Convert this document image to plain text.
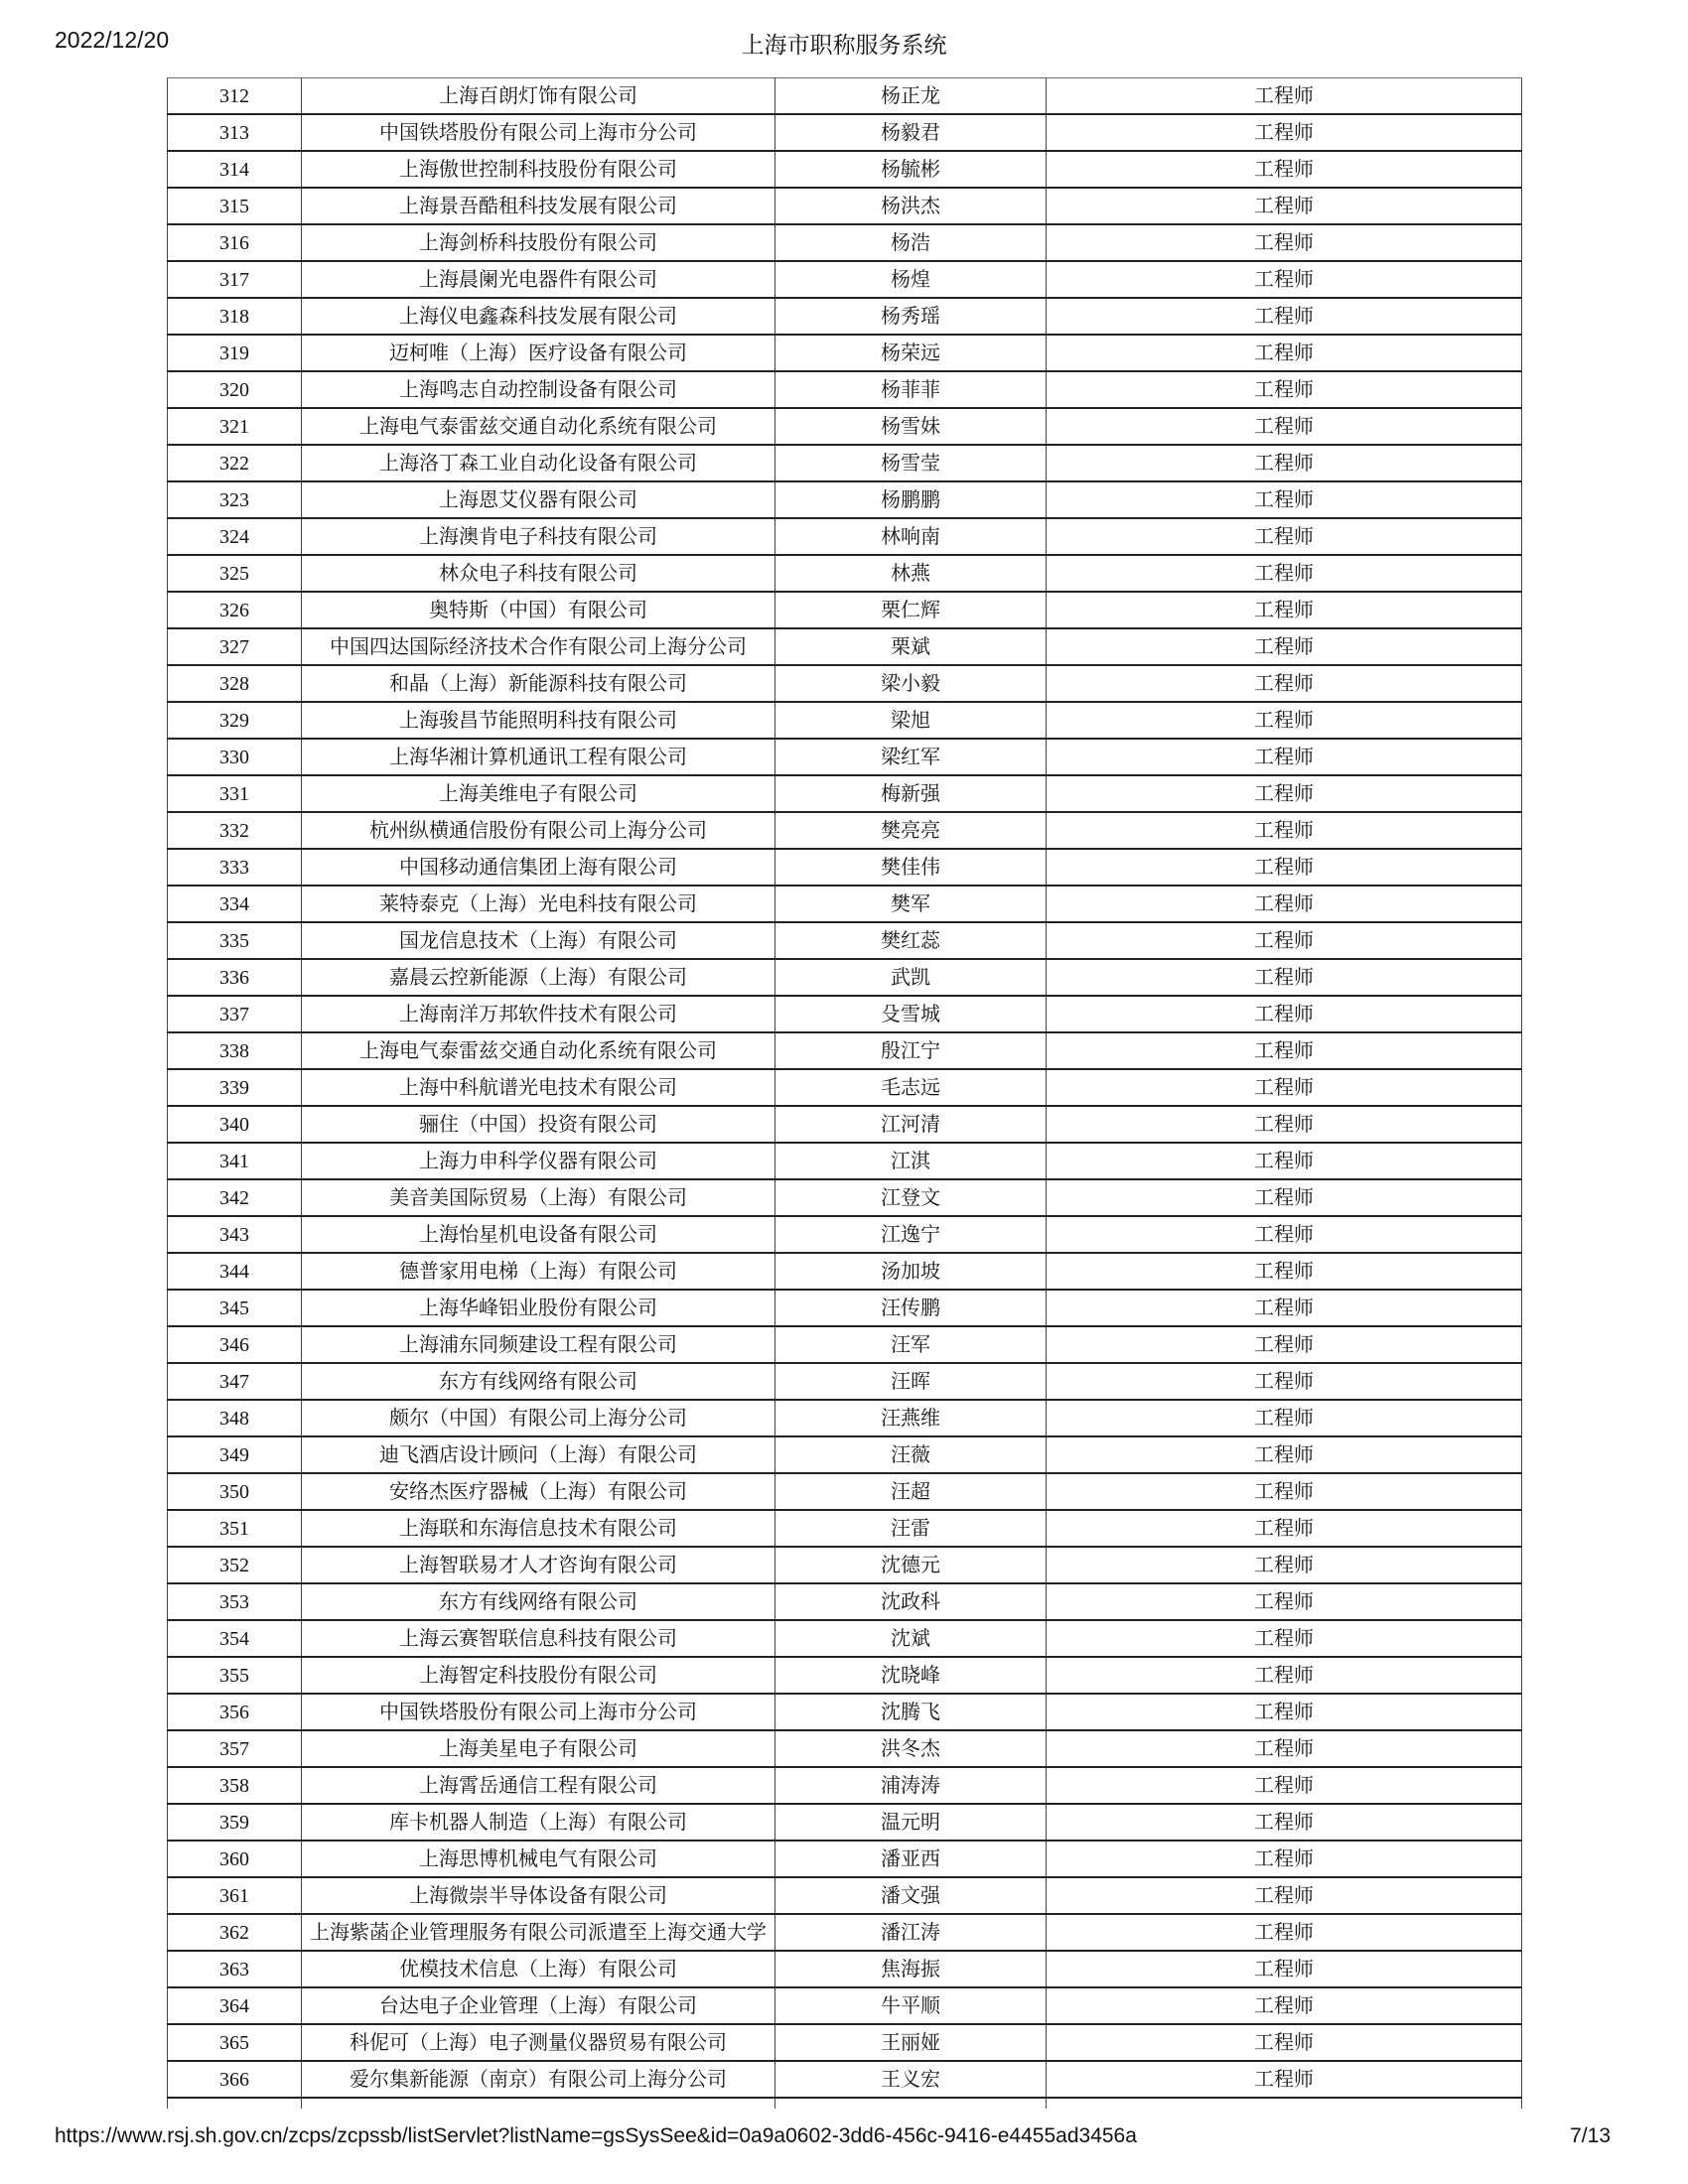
2022/12/20	上海市职称服务系统
312	上海百朗灯饰有限公司	杨正龙	工程师
313	中国铁塔股份有限公司上海市分公司	杨毅君	工程师
314	上海傲世控制科技股份有限公司	杨毓彬	工程师
315	上海景吾酷租科技发展有限公司	杨洪杰	工程师
316	上海剑桥科技股份有限公司	杨浩	工程师
317	上海晨阑光电器件有限公司	杨煌	工程师
318	上海仪电鑫森科技发展有限公司	杨秀瑶	工程师
319	迈柯唯（上海）医疗设备有限公司	杨荣远	工程师
320	上海鸣志自动控制设备有限公司	杨菲菲	工程师
321	上海电气泰雷兹交通自动化系统有限公司	杨雪妹	工程师
322	上海洛丁森工业自动化设备有限公司	杨雪莹	工程师
323	上海恩艾仪器有限公司	杨鹏鹏	工程师
324	上海澳肯电子科技有限公司	林响南	工程师
325	林众电子科技有限公司	林燕	工程师
326	奥特斯（中国）有限公司	栗仁辉	工程师
327	中国四达国际经济技术合作有限公司上海分公司	栗斌	工程师
328	和晶（上海）新能源科技有限公司	梁小毅	工程师
329	上海骏昌节能照明科技有限公司	梁旭	工程师
330	上海华湘计算机通讯工程有限公司	梁红军	工程师
331	上海美维电子有限公司	梅新强	工程师
332	杭州纵横通信股份有限公司上海分公司	樊亮亮	工程师
333	中国移动通信集团上海有限公司	樊佳伟	工程师
334	莱特泰克（上海）光电科技有限公司	樊军	工程师
335	国龙信息技术（上海）有限公司	樊红蕊	工程师
336	嘉晨云控新能源（上海）有限公司	武凯	工程师
337	上海南洋万邦软件技术有限公司	殳雪城	工程师
338	上海电气泰雷兹交通自动化系统有限公司	殷江宁	工程师
339	上海中科航谱光电技术有限公司	毛志远	工程师
340	骊住（中国）投资有限公司	江河清	工程师
341	上海力申科学仪器有限公司	江淇	工程师
342	美音美国际贸易（上海）有限公司	江登文	工程师
343	上海怡星机电设备有限公司	江逸宁	工程师
344	德普家用电梯（上海）有限公司	汤加坡	工程师
345	上海华峰铝业股份有限公司	汪传鹏	工程师
346	上海浦东同频建设工程有限公司	汪军	工程师
347	东方有线网络有限公司	汪晖	工程师
348	颇尔（中国）有限公司上海分公司	汪燕维	工程师
349	迪飞酒店设计顾问（上海）有限公司	汪薇	工程师
350	安络杰医疗器械（上海）有限公司	汪超	工程师
351	上海联和东海信息技术有限公司	汪雷	工程师
352	上海智联易才人才咨询有限公司	沈德元	工程师
353	东方有线网络有限公司	沈政科	工程师
354	上海云赛智联信息科技有限公司	沈斌	工程师
355	上海智定科技股份有限公司	沈晓峰	工程师
356	中国铁塔股份有限公司上海市分公司	沈腾飞	工程师
357	上海美星电子有限公司	洪冬杰	工程师
358	上海霄岳通信工程有限公司	浦涛涛	工程师
359	库卡机器人制造（上海）有限公司	温元明	工程师
360	上海思博机械电气有限公司	潘亚西	工程师
361	上海微崇半导体设备有限公司	潘文强	工程师
362	上海紫菡企业管理服务有限公司派遣至上海交通大学	潘江涛	工程师
363	优模技术信息（上海）有限公司	焦海振	工程师
364	台达电子企业管理（上海）有限公司	牛平顺	工程师
365	科伲可（上海）电子测量仪器贸易有限公司	王丽娅	工程师
366	爱尔集新能源（南京）有限公司上海分公司	王义宏	工程师
https://www.rsj.sh.gov.cn/zcps/zcpssb/listServlet?listName=gsSysSee&id=0a9a0602-3dd6-456c-9416-e4455ad3456a	7/13
